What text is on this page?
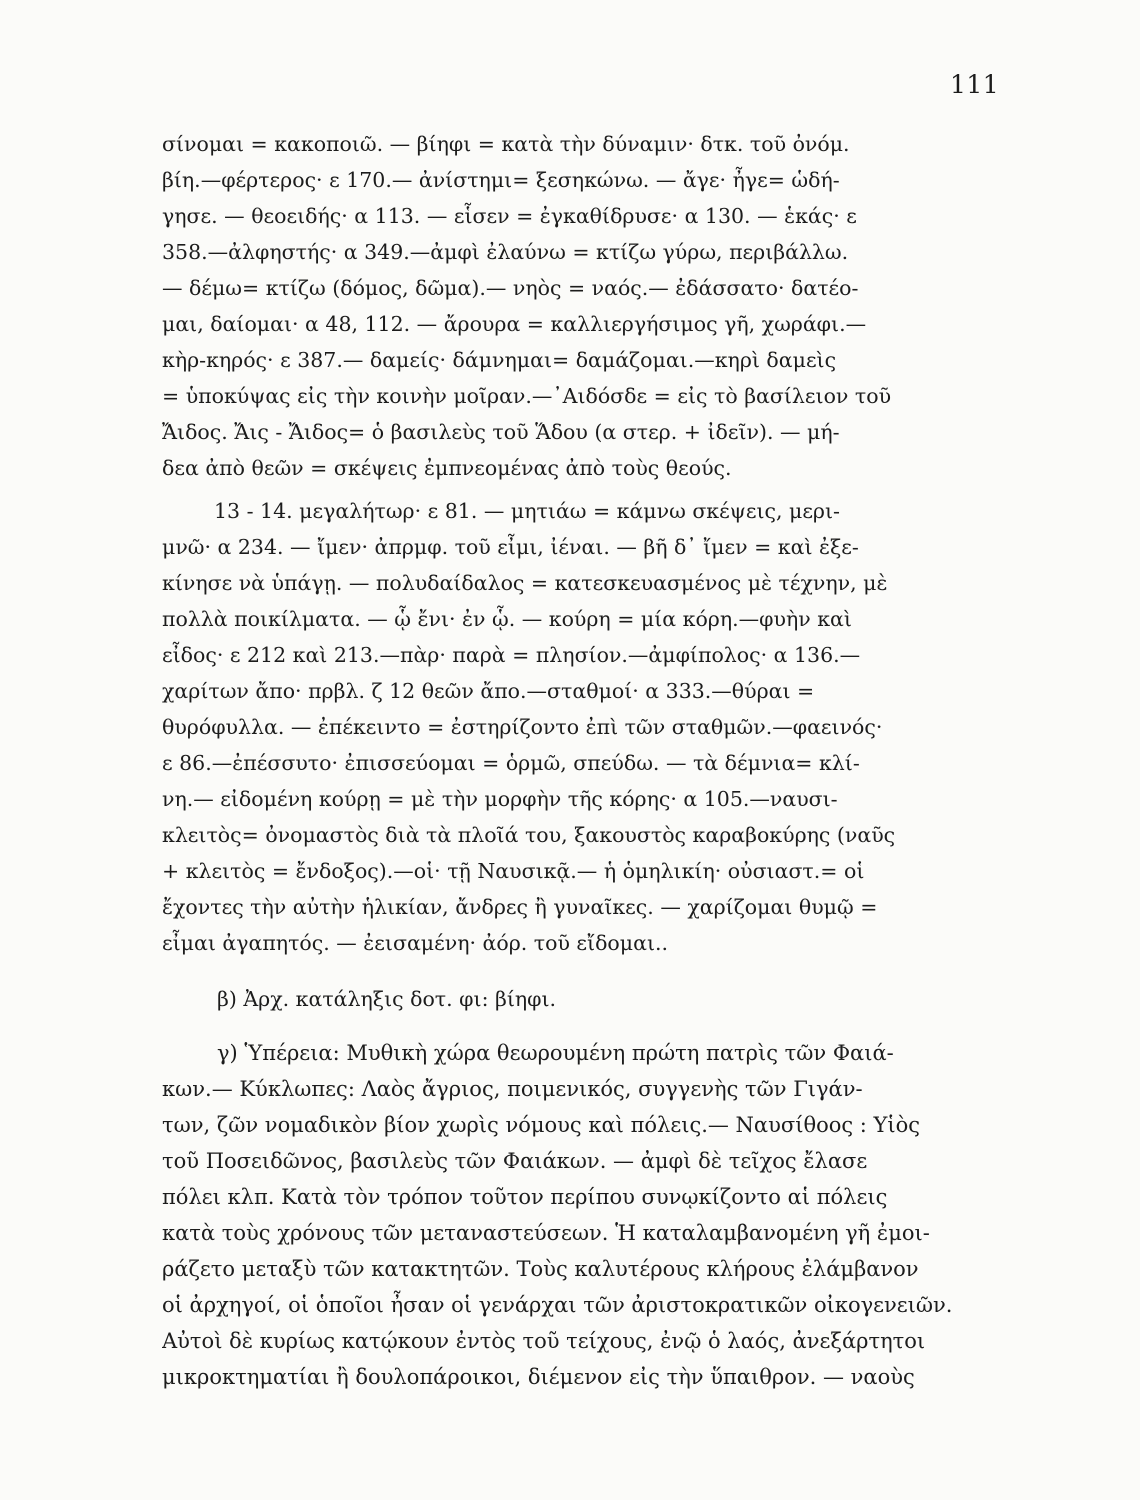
111
σίνομαι = κακοποιῶ. — βίηφι = κατὰ τὴν δύναμιν· δτκ. τοῦ ὀνόμ.
βίη.—φέρτερος· ε 170.— ἀνίστημι= ξεσηκώνω. — ἄγε· ἦγε= ὡδή-
γησε. — θεοειδής· α 113. — εἷσεν = ἐγκαθίδρυσε· α 130. — ἑκάς· ε
358.—ἀλφηστής· α 349.—ἀμφὶ ἐλαύνω = κτίζω γύρω, περιβάλλω.
— δέμω= κτίζω (δόμος, δῶμα).— νηὸς = ναός.— ἐδάσσατο· δατέο-
μαι, δαίομαι· α 48, 112. — ἄρουρα = καλλιεργήσιμος γῆ, χωράφι.—
κὴρ-κηρός· ε 387.— δαμείς· δάμνημαι= δαμάζομαι.—κηρὶ δαμεὶς
= ὑποκύψας εἰς τὴν κοινὴν μοῖραν.—᾿Αιδόσδε = εἰς τὸ βασίλειον τοῦ
Ἄιδος. Ἄις - Ἄιδος= ὁ βασιλεὺς τοῦ Ἅδου (α στερ. + ἰδεῖν). — μή-
δεα ἀπὸ θεῶν = σκέψεις ἐμπνεομένας ἀπὸ τοὺς θεούς.
13 - 14. μεγαλήτωρ· ε 81. — μητιάω = κάμνω σκέψεις, μερι-
μνῶ· α 234. — ἴμεν· ἀπρμφ. τοῦ εἶμι, ἰέναι. — βῆ δ᾿ ἴμεν = καὶ ἐξε-
κίνησε νὰ ὑπάγῃ. — πολυδαίδαλος = κατεσκευασμένος μὲ τέχνην, μὲ
πολλὰ ποικίλματα. — ᾧ ἔνι· ἐν ᾧ. — κούρη = μία κόρη.—φυὴν καὶ
εἶδος· ε 212 καὶ 213.—πὰρ· παρὰ = πλησίον.—ἀμφίπολος· α 136.—
χαρίτων ἄπο· πρβλ. ζ 12 θεῶν ἄπο.—σταθμοί· α 333.—θύραι =
θυρόφυλλα. — ἐπέκειντο = ἐστηρίζοντο ἐπὶ τῶν σταθμῶν.—φαεινός·
ε 86.—ἐπέσσυτο· ἐπισσεύομαι = ὁρμῶ, σπεύδω. — τὰ δέμνια= κλί-
νη.— εἰδομένη κούρῃ = μὲ τὴν μορφὴν τῆς κόρης· α 105.—ναυσι-
κλειτὸς= ὀνομαστὸς διὰ τὰ πλοῖά του, ξακουστὸς καραβοκύρης (ναῦς
+ κλειτὸς = ἔνδοξος).—οἱ· τῇ Ναυσικᾷ.— ἡ ὁμηλικίη· οὐσιαστ.= οἱ
ἔχοντες τὴν αὐτὴν ἡλικίαν, ἄνδρες ἢ γυναῖκες. — χαρίζομαι θυμῷ =
εἶμαι ἀγαπητός. — ἐεισαμένη· ἀόρ. τοῦ εἴδομαι..
β) Ἀρχ. κατάληξις δοτ. φι: βίηφι.
γ) Ὑπέρεια: Μυθικὴ χώρα θεωρουμένη πρώτη πατρὶς τῶν Φαιά-
κων.— Κύκλωπες: Λαὸς ἄγριος, ποιμενικός, συγγενὴς τῶν Γιγάν-
των, ζῶν νομαδικὸν βίον χωρὶς νόμους καὶ πόλεις.— Ναυσίθοος : Υἱὸς
τοῦ Ποσειδῶνος, βασιλεὺς τῶν Φαιάκων. — ἀμφὶ δὲ τεῖχος ἔλασε
πόλει κλπ. Κατὰ τὸν τρόπον τοῦτον περίπου συνῳκίζοντο αἱ πόλεις
κατὰ τοὺς χρόνους τῶν μεταναστεύσεων. Ἡ καταλαμβανομένη γῆ ἐμοι-
ράζετο μεταξὺ τῶν κατακτητῶν. Τοὺς καλυτέρους κλήρους ἐλάμβανον
οἱ ἀρχηγοί, οἱ ὁποῖοι ἦσαν οἱ γενάρχαι τῶν ἀριστοκρατικῶν οἰκογενειῶν.
Αὐτοὶ δὲ κυρίως κατῴκουν ἐντὸς τοῦ τείχους, ἐνῷ ὁ λαός, ἀνεξάρτητοι
μικροκτηματίαι ἢ δουλοπάροικοι, διέμενον εἰς τὴν ὕπαιθρον. — ναοὺς
